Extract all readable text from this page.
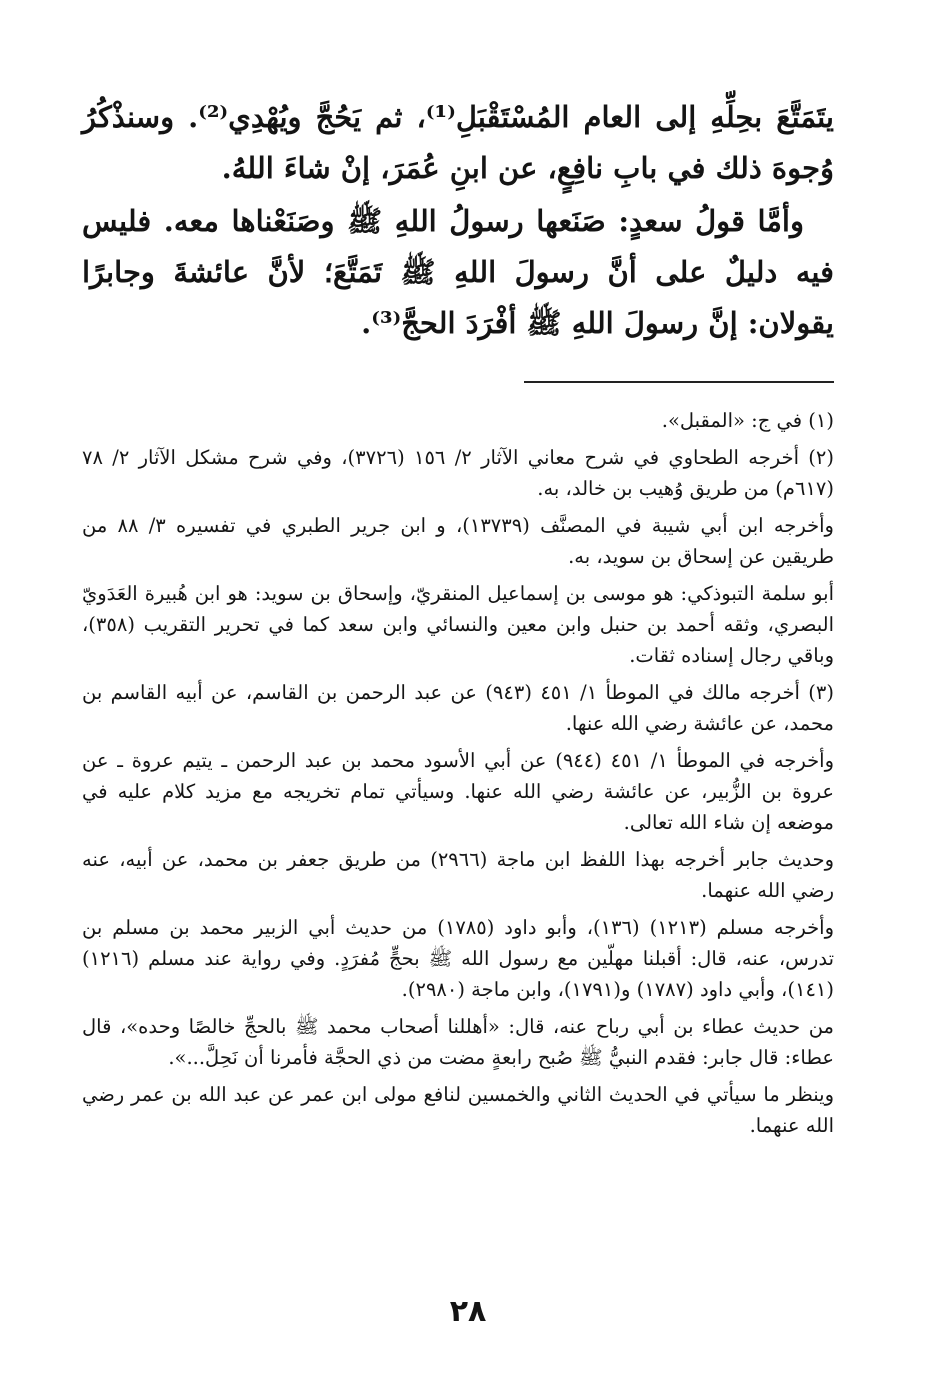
يتَمَتَّعَ بحِلِّهِ إلى العام المُسْتَقْبَلِ⁽¹⁾، ثم يَحُجَّ ويُهْدِي⁽²⁾. وسنذْكُرُ وُجوهَ ذلك في بابِ نافِعٍ، عن ابنِ عُمَرَ، إنْ شاءَ اللهُ.

وأمَّا قولُ سعدٍ: صَنَعها رسولُ اللهِ ﷺ وصَنَعْناها معه. فليس فيه دليلٌ على أنَّ رسولَ اللهِ ﷺ تَمَتَّعَ؛ لأنَّ عائشةَ وجابرًا يقولان: إنَّ رسولَ اللهِ ﷺ أفْرَدَ الحجَّ⁽³⁾.

(١) في ج: «المقبل».

(٢) أخرجه الطحاوي في شرح معاني الآثار ٢/ ١٥٦ (٣٧٢٦)، وفي شرح مشكل الآثار ٢/ ٧٨ (٦١٧م) من طريق وُهيب بن خالد، به.

وأخرجه ابن أبي شيبة في المصنَّف (١٣٧٣٩)، و ابن جرير الطبري في تفسيره ٣/ ٨٨ من طريقين عن إسحاق بن سويد، به.

أبو سلمة التبوذكي: هو موسى بن إسماعيل المنقريّ، وإسحاق بن سويد: هو ابن هُبيرة العَدَويّ البصري، وثقه أحمد بن حنبل وابن معين والنسائي وابن سعد كما في تحرير التقريب (٣٥٨)، وباقي رجال إسناده ثقات.

(٣) أخرجه مالك في الموطأ ١/ ٤٥١ (٩٤٣) عن عبد الرحمن بن القاسم، عن أبيه القاسم بن محمد، عن عائشة رضي الله عنها.

وأخرجه في الموطأ ١/ ٤٥١ (٩٤٤) عن أبي الأسود محمد بن عبد الرحمن ـ يتيم عروة ـ عن عروة بن الزُّبير، عن عائشة رضي الله عنها. وسيأتي تمام تخريجه مع مزيد كلام عليه في موضعه إن شاء الله تعالى.

وحديث جابر أخرجه بهذا اللفظ ابن ماجة (٢٩٦٦) من طريق جعفر بن محمد، عن أبيه، عنه رضي الله عنهما.

وأخرجه مسلم (١٢١٣) (١٣٦)، وأبو داود (١٧٨٥) من حديث أبي الزبير محمد بن مسلم بن تدرس، عنه، قال: أقبلنا مهلّين مع رسول الله ﷺ بحجٍّ مُفرَدٍ. وفي رواية عند مسلم (١٢١٦) (١٤١)، وأبي داود (١٧٨٧) و(١٧٩١)، وابن ماجة (٢٩٨٠).

من حديث عطاء بن أبي رباح عنه، قال: «أهللنا أصحاب محمد ﷺ بالحجِّ خالصًا وحده»، قال عطاء: قال جابر: فقدم النبيُّ ﷺ صُبح رابعةٍ مضت من ذي الحجَّة فأمرنا أن نَحِلَّ...».

وينظر ما سيأتي في الحديث الثاني والخمسين لنافع مولى ابن عمر عن عبد الله بن عمر رضي الله عنهما.

٢٨
